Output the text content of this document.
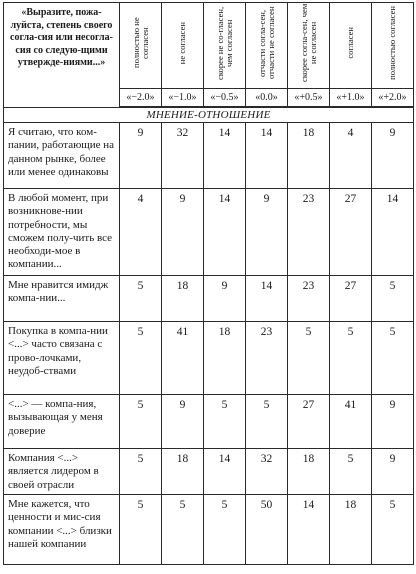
«Выразите, пожа-луйста, степень своего согла-сия или несогла-сия со следую-щими утвержде-ниями...»	полностью не согласен	не согласен	скорее не со-гласен, чем согласен	отчасти согла-сен, отчасти не согласен	скорее согла-сен, чем не согласен	согласен	полностью согласен
	«−2.0»	«−1.0»	«−0.5»	«0.0»	«+0.5»	«+1.0»	«+2.0»
МНЕНИЕ-ОТНОШЕНИЕ							
Я считаю, что ком-пании, работающие на данном рынке, более или менее одинаковы	9	32	14	14	18	4	9
В любой момент, при возникнове-нии потребности, мы сможем полу-чить все необходи-мое в компании...	4	9	14	9	23	27	14
Мне нравится имидж компа-нии...	5	18	9	14	23	27	5
Покупка в компа-нии <...> часто связана с прово-лочками, неудоб-ствами	5	41	18	23	5	5	5
<...> — компа-ния, вызывающая у меня доверие	5	9	5	5	27	41	9
Компания <...> является лидером в своей отрасли	5	18	14	32	18	5	9
Мне кажется, что ценности и мис-сия компании <...> близки нашей компании	5	5	5	50	14	18	5
